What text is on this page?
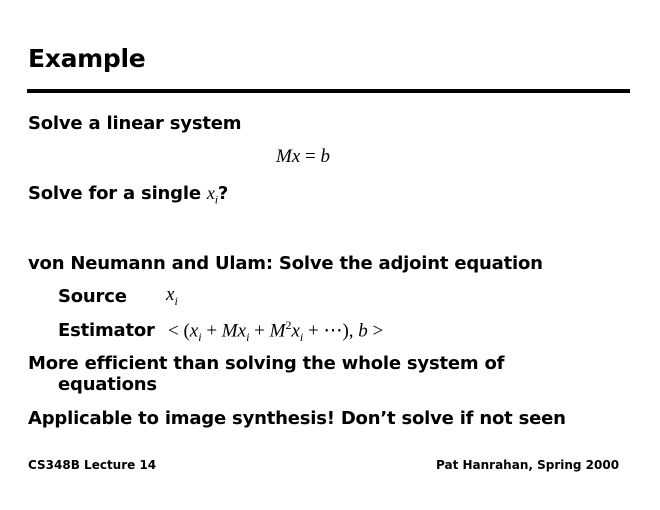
Example
Solve a linear system
Mx = b
Solve for a single $x_i$?
von Neumann and Ulam: Solve the adjoint equation
Source $x_i$
Estimator < ($x_i + Mx_i + M^2x_i$ + ⋯), b >
More efficient than solving the whole system of
equations
Applicable to image synthesis! Don’t solve if not seen
CS348B Lecture 14	Pat Hanrahan, Spring 2000
